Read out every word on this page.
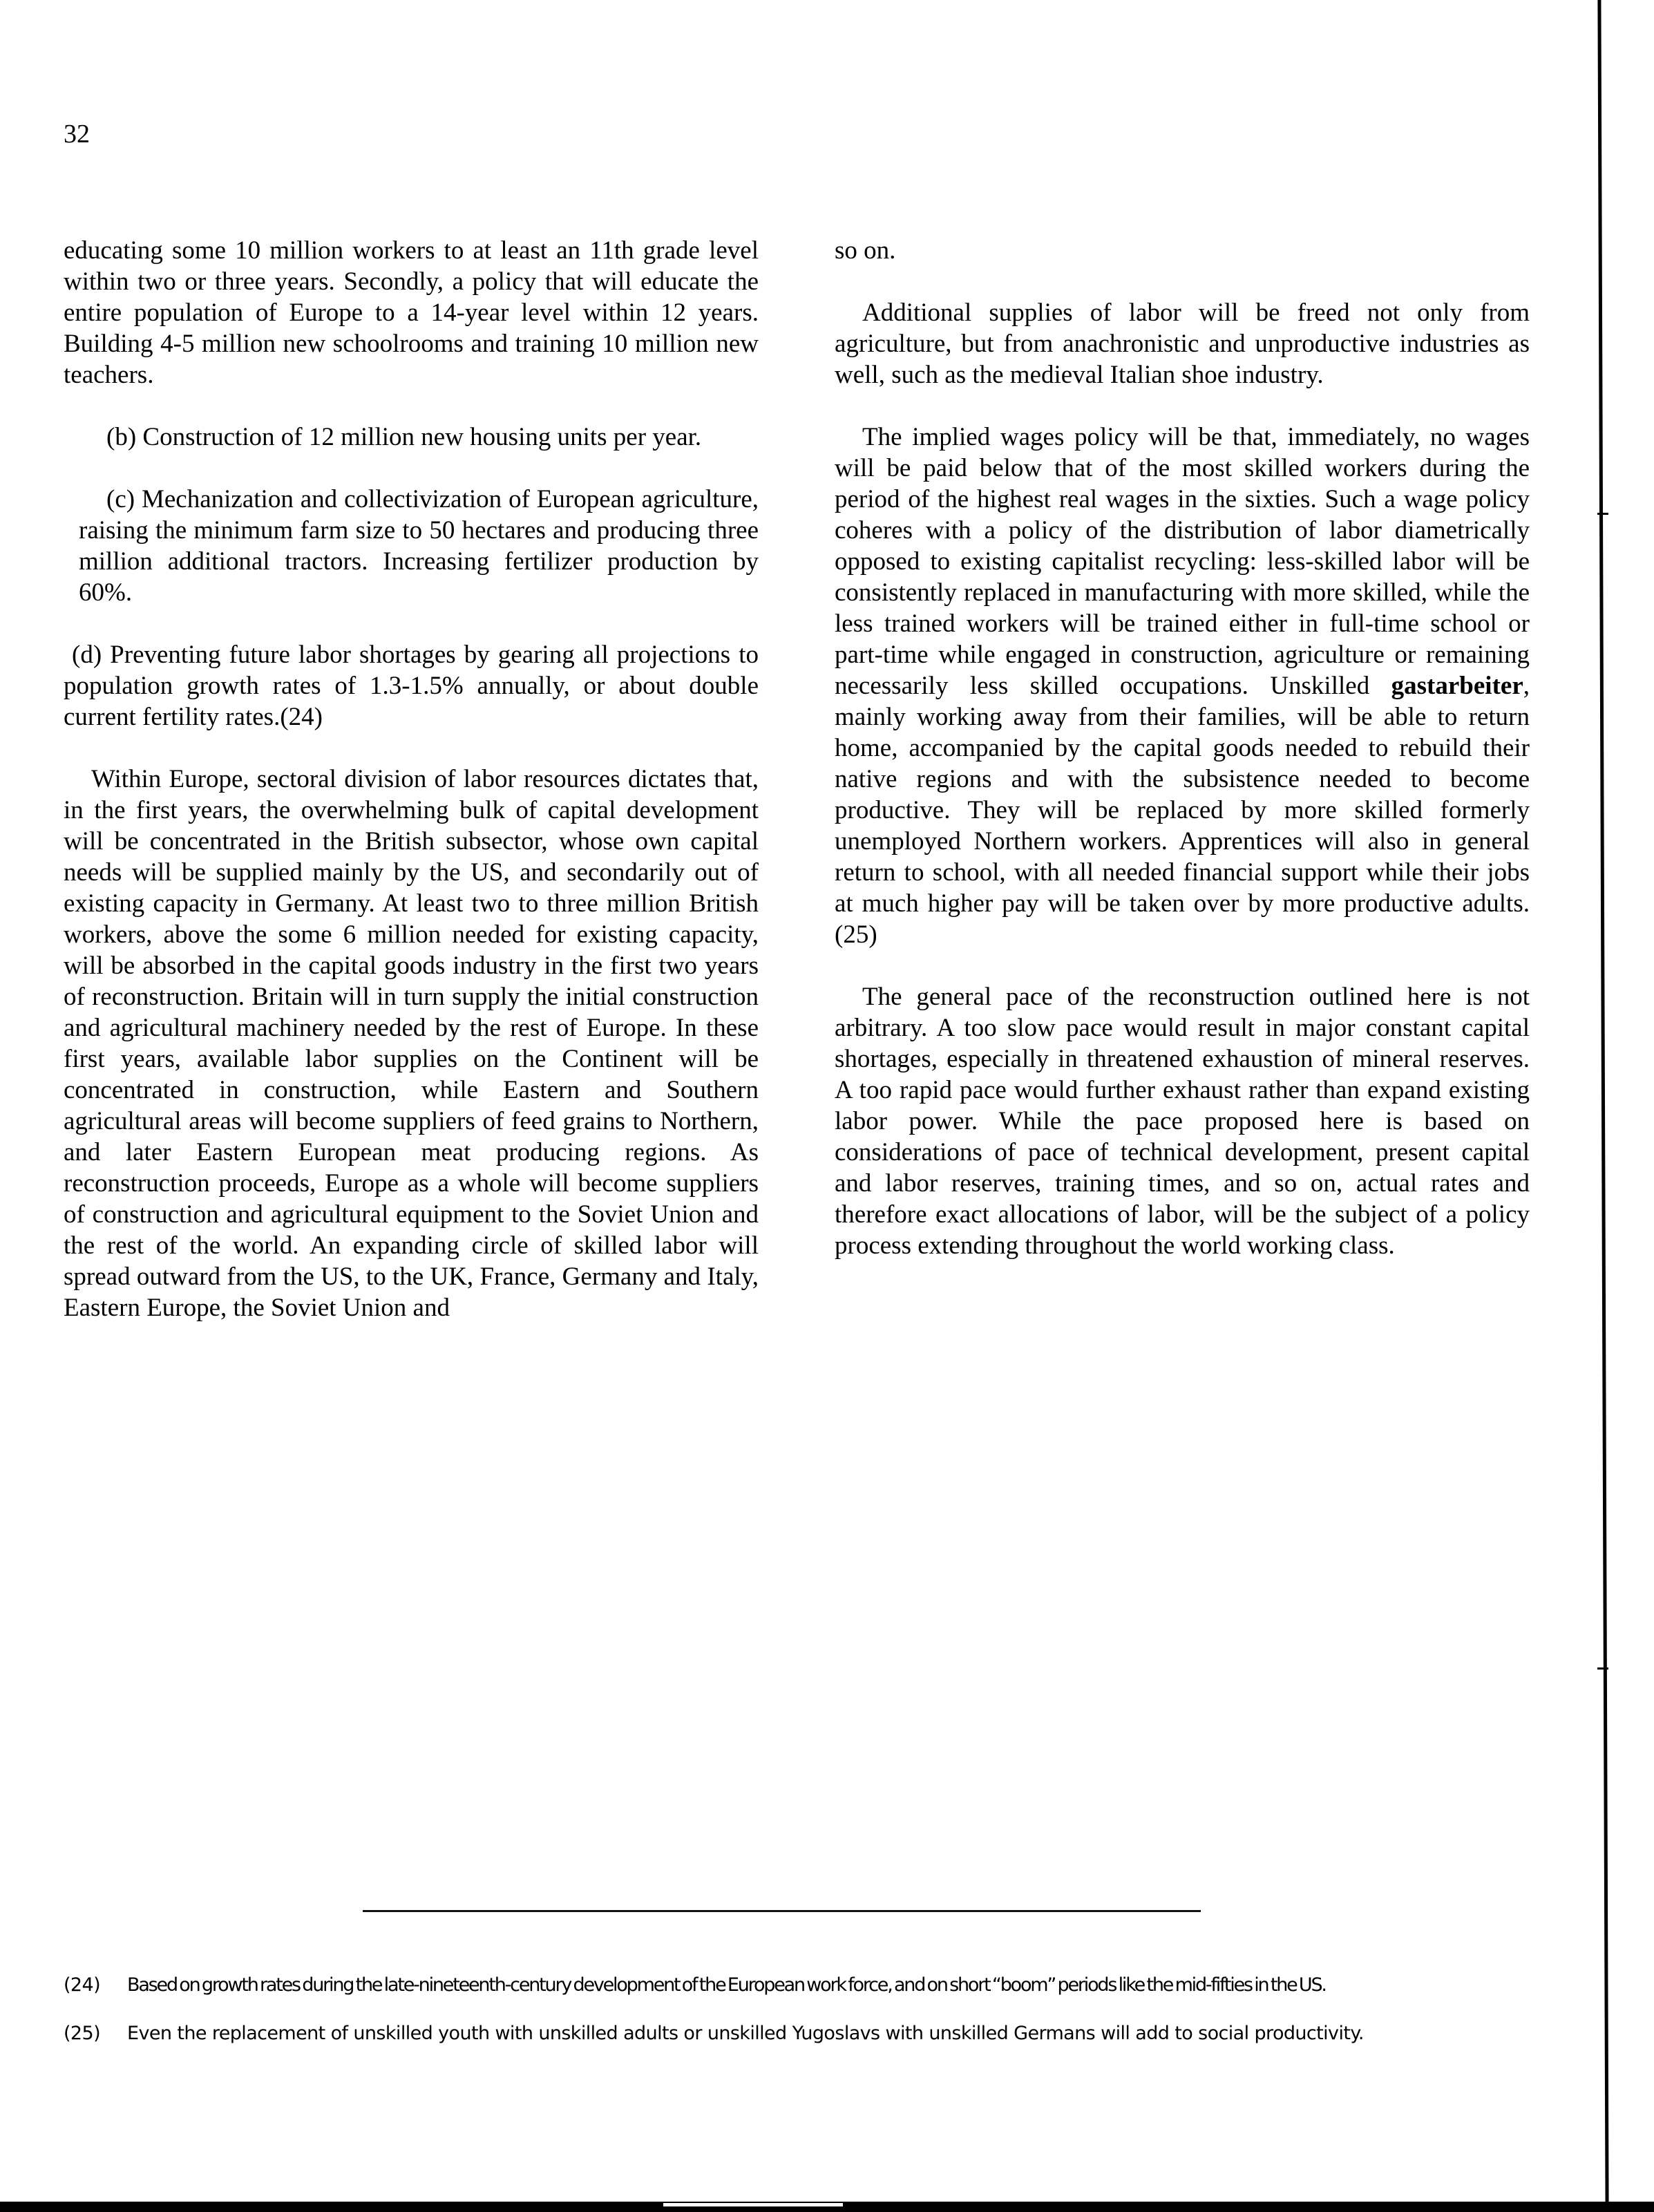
32

educating some 10 million workers to at least an 11th grade level within two or three years. Secondly, a policy that will educate the entire population of Europe to a 14-year level within 12 years. Building 4-5 million new schoolrooms and training 10 million new teachers.

(b) Construction of 12 million new housing units per year.

(c) Mechanization and collectivization of European agriculture, raising the minimum farm size to 50 hectares and producing three million additional tractors. Increasing fertilizer production by 60%.

(d) Preventing future labor shortages by gearing all projections to population growth rates of 1.3-1.5% annually, or about double current fertility rates.(24)

Within Europe, sectoral division of labor resources dictates that, in the first years, the overwhelming bulk of capital development will be concentrated in the British subsector, whose own capital needs will be supplied mainly by the US, and secondarily out of existing capacity in Germany. At least two to three million British workers, above the some 6 million needed for existing capacity, will be absorbed in the capital goods industry in the first two years of reconstruction. Britain will in turn supply the initial construction and agricultural machinery needed by the rest of Europe. In these first years, available labor supplies on the Continent will be concentrated in construction, while Eastern and Southern agricultural areas will become suppliers of feed grains to Northern, and later Eastern European meat producing regions. As reconstruction proceeds, Europe as a whole will become suppliers of construction and agricultural equipment to the Soviet Union and the rest of the world. An expanding circle of skilled labor will spread outward from the US, to the UK, France, Germany and Italy, Eastern Europe, the Soviet Union and

so on.

Additional supplies of labor will be freed not only from agriculture, but from anachronistic and unproductive industries as well, such as the medieval Italian shoe industry.

The implied wages policy will be that, immediately, no wages will be paid below that of the most skilled workers during the period of the highest real wages in the sixties. Such a wage policy coheres with a policy of the distribution of labor diametrically opposed to existing capitalist recycling: less-skilled labor will be consistently replaced in manufacturing with more skilled, while the less trained workers will be trained either in full-time school or part-time while engaged in construction, agriculture or remaining necessarily less skilled occupations. Unskilled gastarbeiter, mainly working away from their families, will be able to return home, accompanied by the capital goods needed to rebuild their native regions and with the subsistence needed to become productive. They will be replaced by more skilled formerly unemployed Northern workers. Apprentices will also in general return to school, with all needed financial support while their jobs at much higher pay will be taken over by more productive adults.(25)

The general pace of the reconstruction outlined here is not arbitrary. A too slow pace would result in major constant capital shortages, especially in threatened exhaustion of mineral reserves. A too rapid pace would further exhaust rather than expand existing labor power. While the pace proposed here is based on considerations of pace of technical development, present capital and labor reserves, training times, and so on, actual rates and therefore exact allocations of labor, will be the subject of a policy process extending throughout the world working class.

(24) Based on growth rates during the late-nineteenth-century development of the European work force, and on short “boom” periods like the mid-fifties in the US.

(25) Even the replacement of unskilled youth with unskilled adults or unskilled Yugoslavs with unskilled Germans will add to social productivity.
